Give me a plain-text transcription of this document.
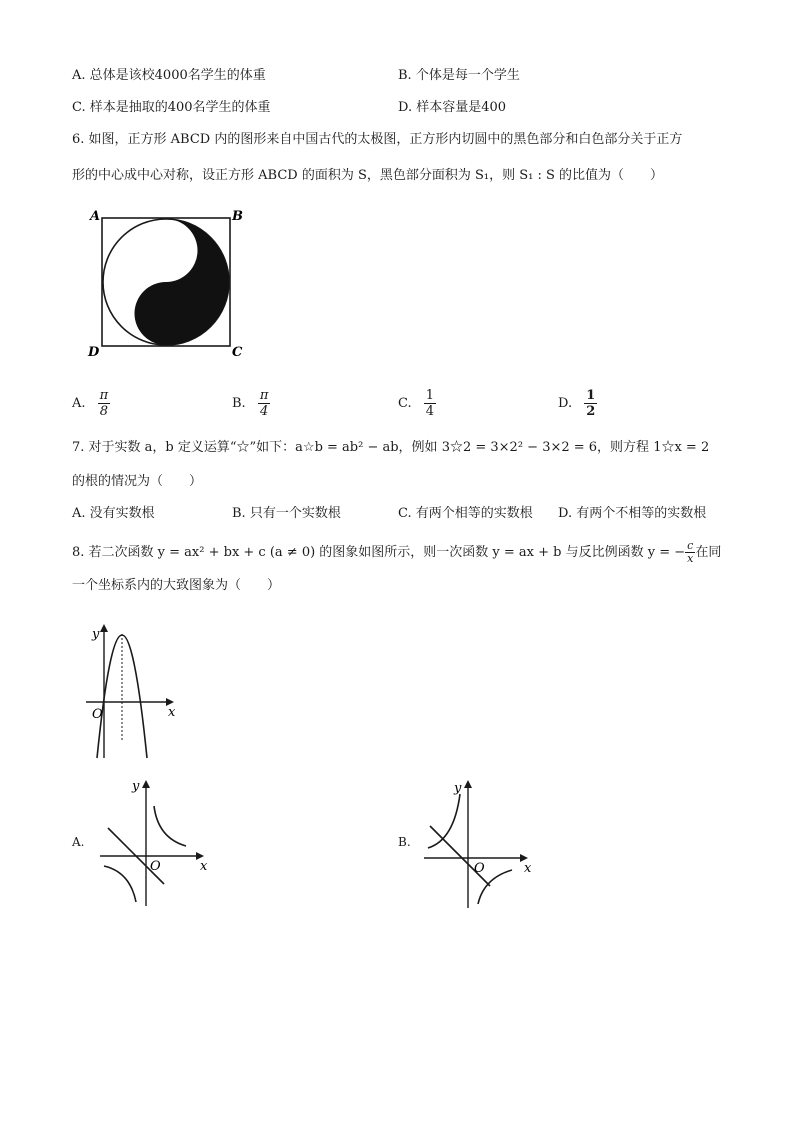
A. 总体是该校4000名学生的体重	B. 个体是每一个学生
C. 样本是抽取的400名学生的体重	D. 样本容量是400
6. 如图，正方形 ABCD 内的图形来自中国古代的太极图，正方形内切圆中的黑色部分和白色部分关于正方
形的中心成中心对称，设正方形 ABCD 的面积为 S，黑色部分面积为 S₁，则 S₁ : S 的比值为（　　）
A	B
D	C
A. $\frac{\pi}{8}$	B. $\frac{\pi}{4}$	C. $\frac{1}{4}$	D. $\frac{1}{2}$
7. 对于实数 a，b 定义运算“☆”如下：a☆b = ab² − ab，例如 3☆2 = 3×2² − 3×2 = 6，则方程 1☆x = 2
的根的情况为（　　）
A. 没有实数根	B. 只有一个实数根	C. 有两个相等的实数根 D. 有两个不相等的实数根
8. 若二次函数 y = ax² + bx + c (a ≠ 0) 的图象如图所示，则一次函数 y = ax + b 与反比例函数 y = − $\frac{c}{x}$ 在同
一个坐标系内的大致图象为（　　）
y
x
O
A.
y
x
O
B.
y
x
O
